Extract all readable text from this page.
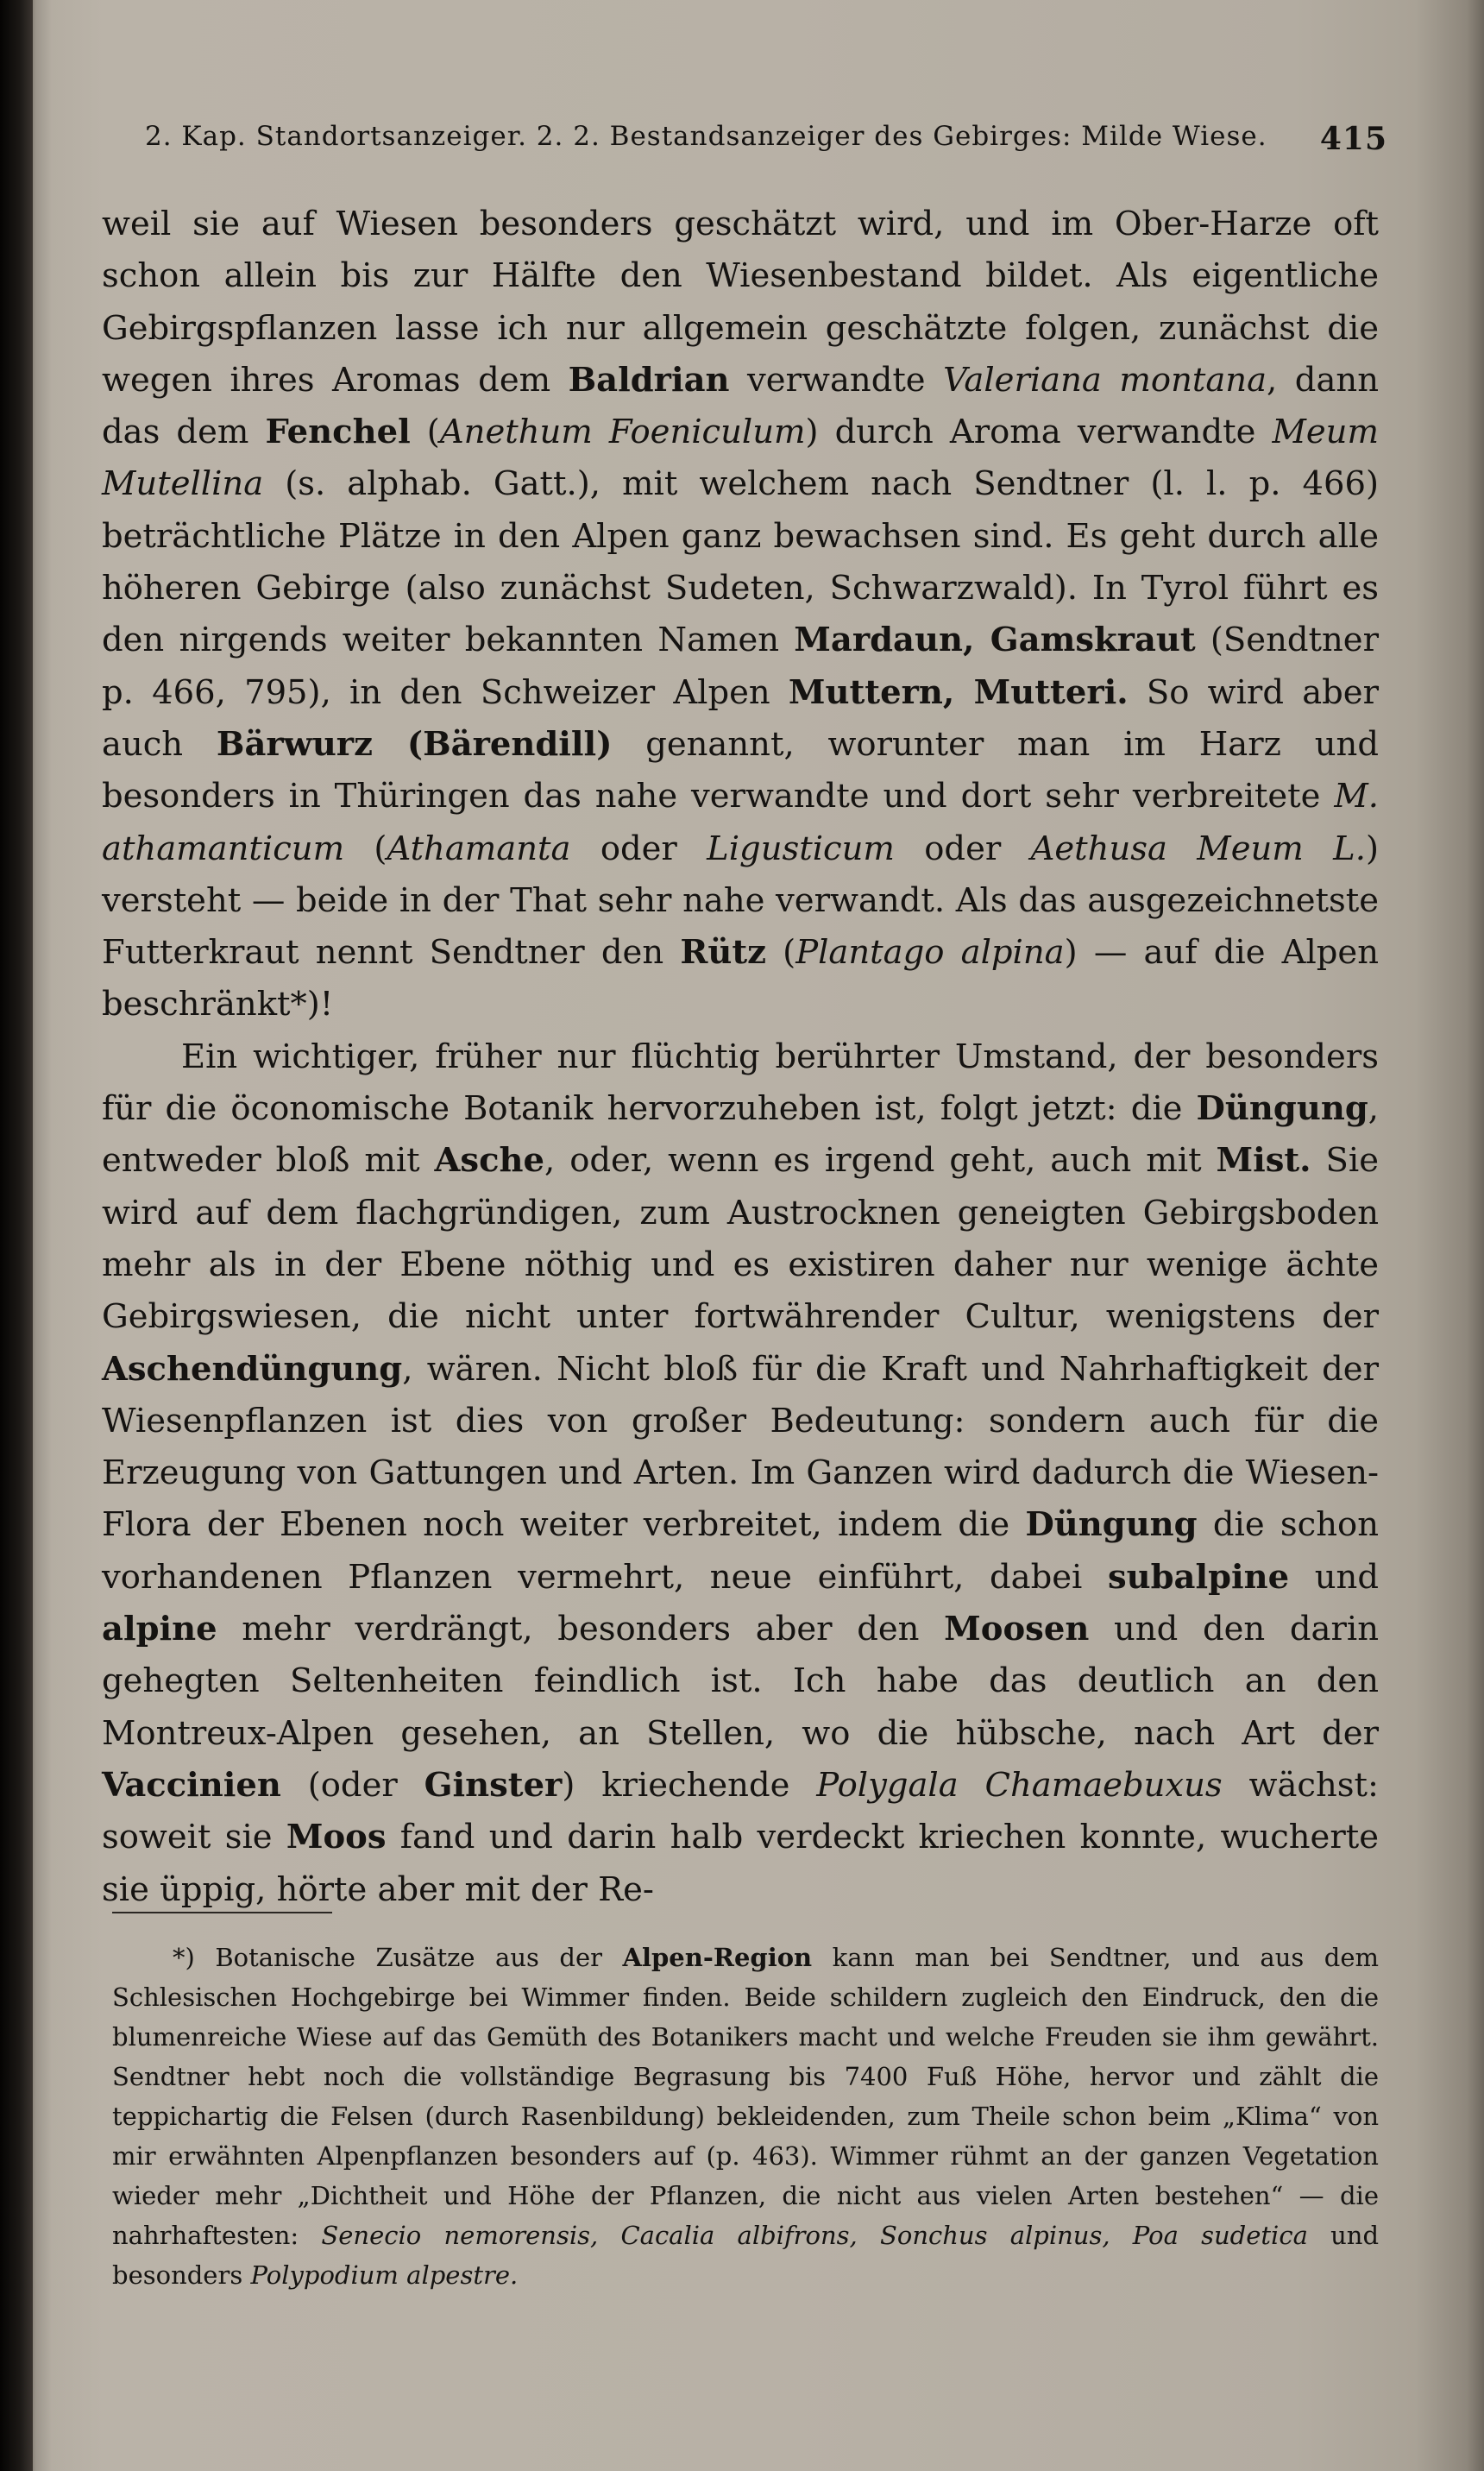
2. Kap. Standortsanzeiger. 2. 2. Bestandsanzeiger des Gebirges: Milde Wiese. 415

weil sie auf Wiesen besonders geschätzt wird, und im Ober-Harze oft schon allein bis zur Hälfte den Wiesenbestand bildet. Als eigentliche Gebirgspflanzen lasse ich nur allgemein geschätzte folgen, zunächst die wegen ihres Aromas dem Baldrian verwandte Valeriana montana, dann das dem Fenchel (Anethum Foeniculum) durch Aroma verwandte Meum Mutellina (s. alphab. Gatt.), mit welchem nach Sendtner (l. l. p. 466) beträchtliche Plätze in den Alpen ganz bewachsen sind. Es geht durch alle höheren Gebirge (also zunächst Sudeten, Schwarzwald). In Tyrol führt es den nirgends weiter bekannten Namen Mardaun, Gamskraut (Sendtner p. 466, 795), in den Schweizer Alpen Muttern, Mutteri. So wird aber auch Bärwurz (Bärendill) genannt, worunter man im Harz und besonders in Thüringen das nahe verwandte und dort sehr verbreitete M. athamanticum (Athamanta oder Ligusticum oder Aethusa Meum L.) versteht — beide in der That sehr nahe verwandt. Als das ausgezeichnetste Futterkraut nennt Sendtner den Rütz (Plantago alpina) — auf die Alpen beschränkt*)!

Ein wichtiger, früher nur flüchtig berührter Umstand, der besonders für die öconomische Botanik hervorzuheben ist, folgt jetzt: die Düngung, entweder bloß mit Asche, oder, wenn es irgend geht, auch mit Mist. Sie wird auf dem flachgründigen, zum Austrocknen geneigten Gebirgsboden mehr als in der Ebene nöthig und es existiren daher nur wenige ächte Gebirgswiesen, die nicht unter fortwährender Cultur, wenigstens der Aschendüngung, wären. Nicht bloß für die Kraft und Nahrhaftigkeit der Wiesenpflanzen ist dies von großer Bedeutung: sondern auch für die Erzeugung von Gattungen und Arten. Im Ganzen wird dadurch die Wiesen-Flora der Ebenen noch weiter verbreitet, indem die Düngung die schon vorhandenen Pflanzen vermehrt, neue einführt, dabei subalpine und alpine mehr verdrängt, besonders aber den Moosen und den darin gehegten Seltenheiten feindlich ist. Ich habe das deutlich an den Montreux-Alpen gesehen, an Stellen, wo die hübsche, nach Art der Vaccinien (oder Ginster) kriechende Polygala Chamaebuxus wächst: soweit sie Moos fand und darin halb verdeckt kriechen konnte, wucherte sie üppig, hörte aber mit der Re-

*) Botanische Zusätze aus der Alpen-Region kann man bei Sendtner, und aus dem Schlesischen Hochgebirge bei Wimmer finden. Beide schildern zugleich den Eindruck, den die blumenreiche Wiese auf das Gemüth des Botanikers macht und welche Freuden sie ihm gewährt. Sendtner hebt noch die vollständige Begrasung bis 7400 Fuß Höhe, hervor und zählt die teppichartig die Felsen (durch Rasenbildung) bekleidenden, zum Theile schon beim „Klima“ von mir erwähnten Alpenpflanzen besonders auf (p. 463). Wimmer rühmt an der ganzen Vegetation wieder mehr „Dichtheit und Höhe der Pflanzen, die nicht aus vielen Arten bestehen“ — die nahrhaftesten: Senecio nemorensis, Cacalia albifrons, Sonchus alpinus, Poa sudetica und besonders Polypodium alpestre.
